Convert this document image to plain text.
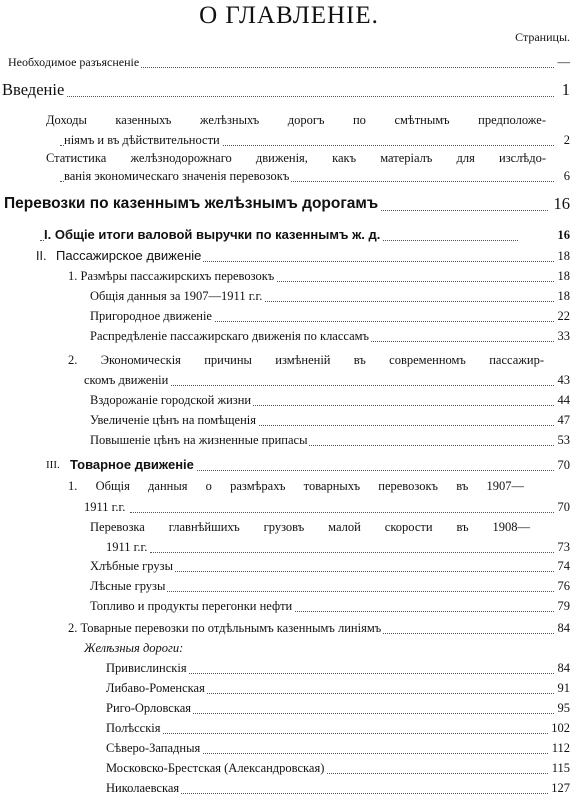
О ГЛАВЛЕНІЕ.
Страницы.
Необходимое разъясненіе	—
Введеніе	1
Доходы казенныхъ желѣзныхъ дорогъ по смѣтнымъ предположе-
ніямъ и въ дѣйствительности	2
Статистика желѣзнодорожнаго движенія, какъ матеріалъ для изслѣдо-
ванія экономическаго значенія перевозокъ	6
Перевозки по казеннымъ желѣзнымъ дорогамъ	16
I. Общіе итоги валовой выручки по казеннымъ ж. д.	16
II. Пассажирское движеніе	18
1. Размѣры пассажирскихъ перевозокъ	18
Общія данныя за 1907—1911 г.г.	18
Пригородное движеніе	22
Распредѣленіе пассажирскаго движенія по классамъ	33
2. Экономическія причины измѣненій въ современномъ пассажир-
скомъ движеніи	43
Вздорожаніе городской жизни	44
Увеличеніе цѣнъ на помѣщенія	47
Повышеніе цѣнъ на жизненные припасы	53
III. Товарное движеніе	70
1. Общія данныя о размѣрахъ товарныхъ перевозокъ въ 1907—
1911 г.г.	70
Перевозка главнѣйшихъ грузовъ малой скорости въ 1908—
1911 г.г.	73
Хлѣбные грузы	74
Лѣсные грузы	76
Топливо и продукты перегонки нефти	79
2. Товарные перевозки по отдѣльнымъ казеннымъ линіямъ	84
Желѣзныя дороги:
Привислинскія	84
Либаво-Роменская	91
Риго-Орловская	95
Полѣсскія	102
Сѣверо-Западныя	112
Московско-Брестская (Александровская)	115
Николаевская	127
